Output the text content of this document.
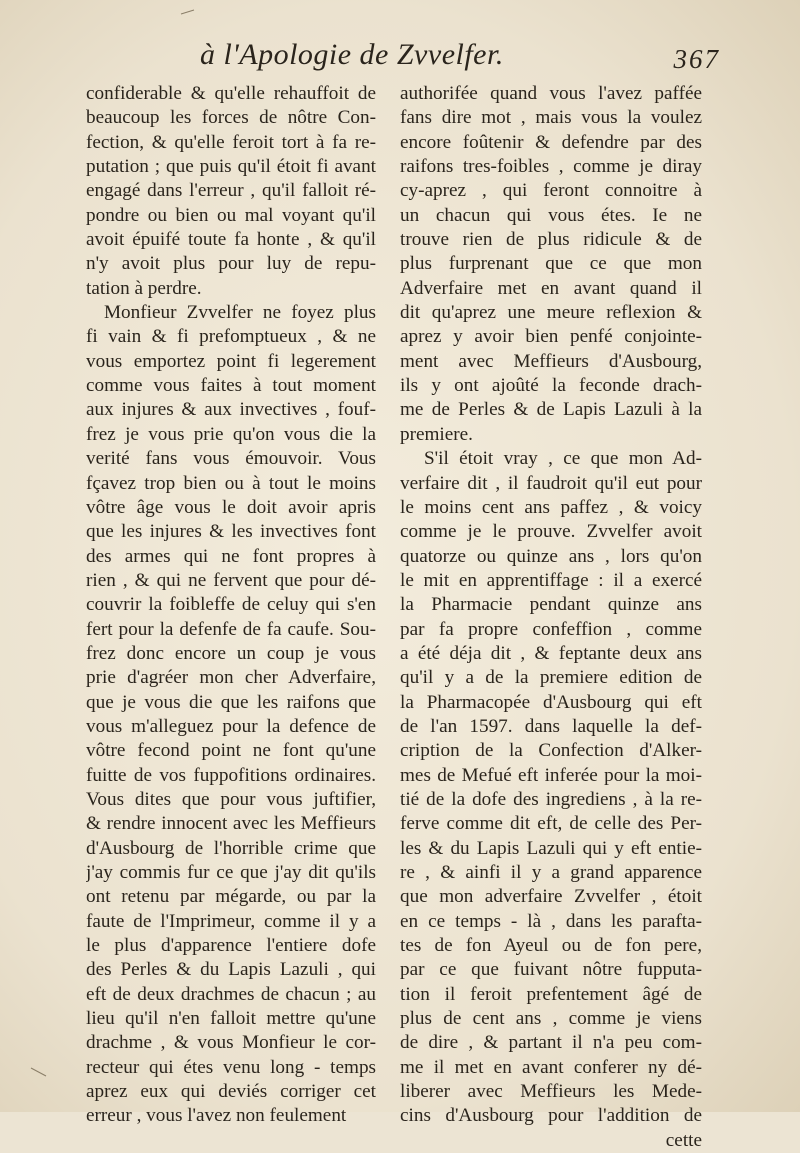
à l'Apologie de Zvvelfer.	367
confiderable & qu'elle rehauffoit de
beaucoup les forces de nôtre Con-
fection, & qu'elle feroit tort à fa re-
putation ; que puis qu'il étoit fi avant
engagé dans l'erreur , qu'il falloit ré-
pondre ou bien ou mal voyant qu'il
avoit épuifé toute fa honte , & qu'il
n'y avoit plus pour luy de repu-
tation à perdre.
Monfieur Zvvelfer ne foyez plus
fi vain & fi prefomptueux , & ne
vous emportez point fi legerement
comme vous faites à tout moment
aux injures & aux invectives , fouf-
frez je vous prie qu'on vous die la
verité fans vous émouvoir. Vous
fçavez trop bien ou à tout le moins
vôtre âge vous le doit avoir apris
que les injures & les invectives font
des armes qui ne font propres à
rien , & qui ne fervent que pour dé-
couvrir la foibleffe de celuy qui s'en
fert pour la defenfe de fa caufe. Sou-
frez donc encore un coup je vous
prie d'agréer mon cher Adverfaire,
que je vous die que les raifons que
vous m'alleguez pour la defence de
vôtre fecond point ne font qu'une
fuitte de vos fuppofitions ordinaires.
Vous dites que pour vous juftifier,
& rendre innocent avec les Meffieurs
d'Ausbourg de l'horrible crime que
j'ay commis fur ce que j'ay dit qu'ils
ont retenu par mégarde, ou par la
faute de l'Imprimeur, comme il y a
le plus d'apparence l'entiere dofe
des Perles & du Lapis Lazuli , qui
eft de deux drachmes de chacun ; au
lieu qu'il n'en falloit mettre qu'une
drachme , & vous Monfieur le cor-
recteur qui étes venu long - temps
aprez eux qui deviés corriger cet
erreur , vous l'avez non feulement
authorifée quand vous l'avez paffée
fans dire mot , mais vous la voulez
encore foûtenir & defendre par des
raifons tres-foibles , comme je diray
cy-aprez , qui feront connoitre à
un chacun qui vous étes. Ie ne
trouve rien de plus ridicule & de
plus furprenant que ce que mon
Adverfaire met en avant quand il
dit qu'aprez une meure reflexion &
aprez y avoir bien penfé conjointe-
ment avec Meffieurs d'Ausbourg,
ils y ont ajoûté la feconde drach-
me de Perles & de Lapis Lazuli à la
premiere.
S'il étoit vray , ce que mon Ad-
verfaire dit , il faudroit qu'il eut pour
le moins cent ans paffez , & voicy
comme je le prouve. Zvvelfer avoit
quatorze ou quinze ans , lors qu'on
le mit en apprentiffage : il a exercé
la Pharmacie pendant quinze ans
par fa propre confeffion , comme
a été déja dit , & feptante deux ans
qu'il y a de la premiere edition de
la Pharmacopée d'Ausbourg qui eft
de l'an 1597. dans laquelle la def-
cription de la Confection d'Alker-
mes de Mefué eft inferée pour la moi-
tié de la dofe des ingrediens , à la re-
ferve comme dit eft, de celle des Per-
les & du Lapis Lazuli qui y eft entie-
re , & ainfi il y a grand apparence
que mon adverfaire Zvvelfer , étoit
en ce temps - là , dans les parafta-
tes de fon Ayeul ou de fon pere,
par ce que fuivant nôtre fupputa-
tion il feroit prefentement âgé de
plus de cent ans , comme je viens
de dire , & partant il n'a peu com-
me il met en avant conferer ny dé-
liberer avec Meffieurs les Mede-
cins d'Ausbourg pour l'addition de
cette
